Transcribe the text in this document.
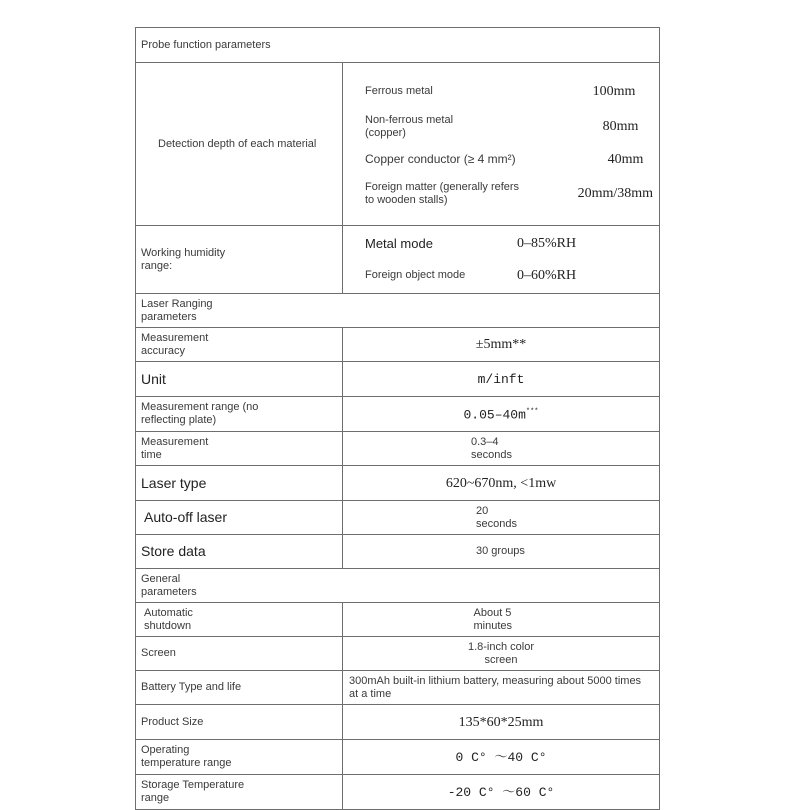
Probe function parameters
Detection depth of each material	
Ferrous metal	100mm
Non-ferrous metal (copper)	80mm
Copper conductor (≥ 4 mm²)	40mm
Foreign matter (generally refers to wooden stalls)	20mm/38mm

Working humidity range:	
Metal mode	0–85%RH
Foreign object mode	0–60%RH

Laser Ranging parameters
Measurement accuracy	±5mm**
Unit	m/inft
Measurement range (no reflecting plate)	0.05–40m***
Measurement time	0.3–4 seconds
Laser type	620~670nm, <1mw
Auto-off laser	20 seconds
Store data	30 groups
General parameters
Automatic shutdown	About 5 minutes
Screen	1.8-inch color screen
Battery Type and life	300mAh built-in lithium battery, measuring about 5000 times at a time
Product Size	135*60*25mm
Operating temperature range	0 C° ～40 C°
Storage Temperature range	-20 C° ～60 C°
